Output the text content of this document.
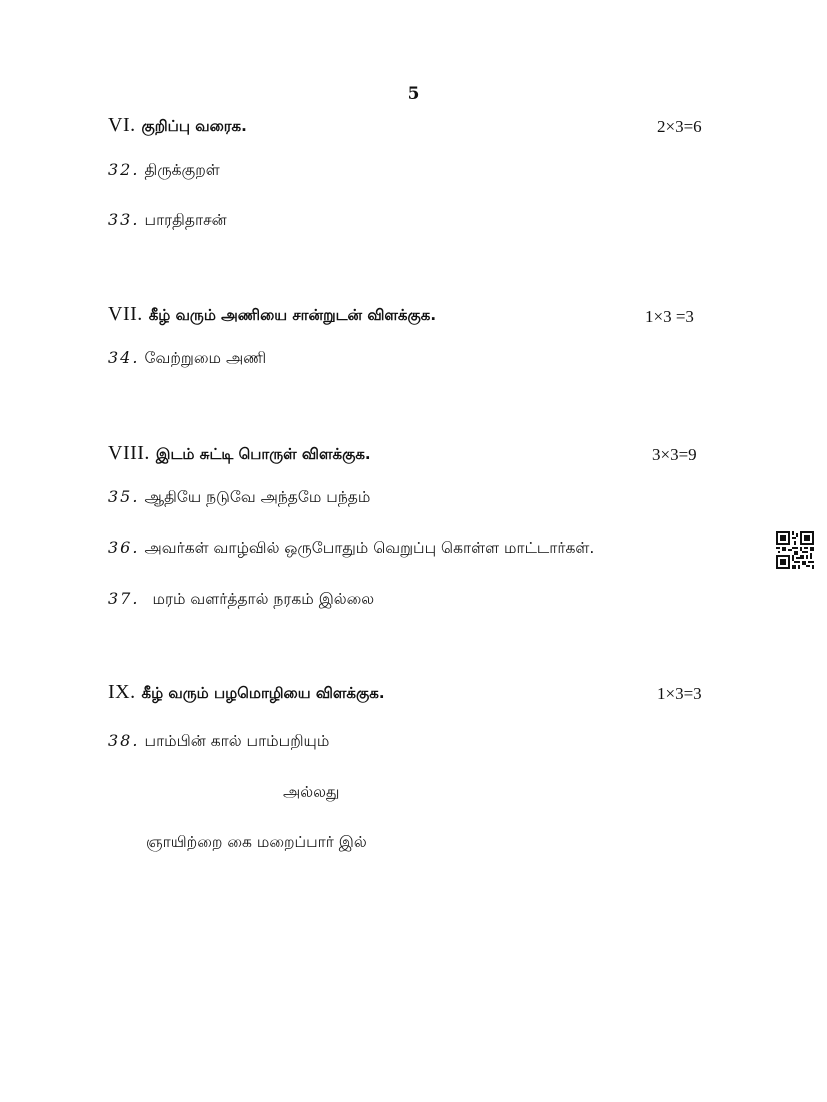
5
VI. குறிப்பு வரைக.	2×3=6
32. திருக்குறள்
33. பாரதிதாசன்
VII. கீழ் வரும் அணியை சான்றுடன் விளக்குக.	1×3 =3
34. வேற்றுமை அணி
VIII. இடம் சுட்டி பொருள் விளக்குக.	3×3=9
35. ஆதியே நடுவே அந்தமே பந்தம்
36. அவர்கள் வாழ்வில் ஒருபோதும் வெறுப்பு கொள்ள மாட்டார்கள்.
37. மரம் வளர்த்தால் நரகம் இல்லை
IX. கீழ் வரும் பழமொழியை விளக்குக.	1×3=3
38. பாம்பின் கால் பாம்பறியும்
அல்லது
ஞாயிற்றை கை மறைப்பார் இல்
